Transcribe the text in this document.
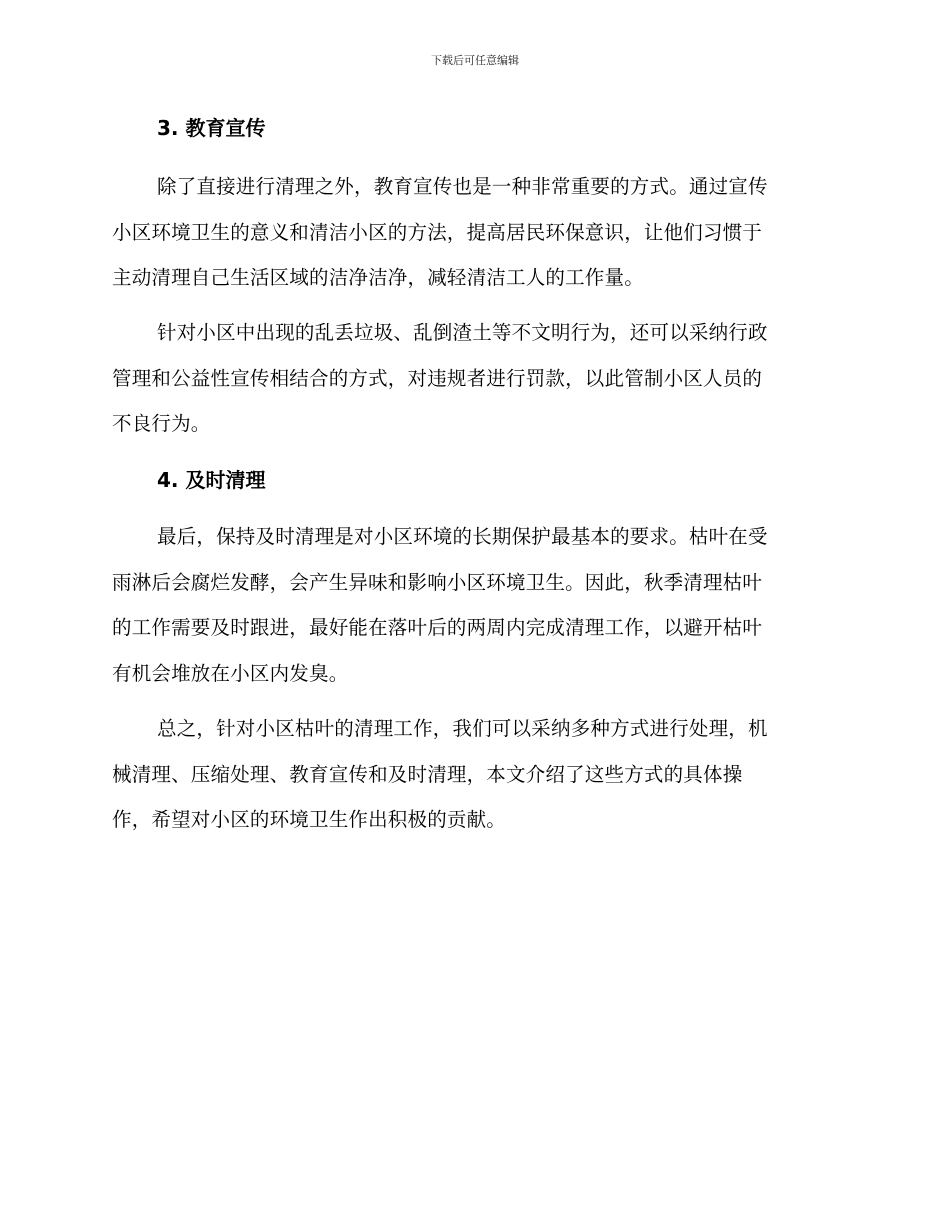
下载后可任意编辑
3. 教育宣传
除了直接进行清理之外，教育宣传也是一种非常重要的方式。通过宣传
小区环境卫生的意义和清洁小区的方法，提高居民环保意识，让他们习惯于
主动清理自己生活区域的洁净洁净，减轻清洁工人的工作量。
针对小区中出现的乱丢垃圾、乱倒渣土等不文明行为，还可以采纳行政
管理和公益性宣传相结合的方式，对违规者进行罚款，以此管制小区人员的
不良行为。
4. 及时清理
最后，保持及时清理是对小区环境的长期保护最基本的要求。枯叶在受
雨淋后会腐烂发酵，会产生异味和影响小区环境卫生。因此，秋季清理枯叶
的工作需要及时跟进，最好能在落叶后的两周内完成清理工作，以避开枯叶
有机会堆放在小区内发臭。
总之，针对小区枯叶的清理工作，我们可以采纳多种方式进行处理，机
械清理、压缩处理、教育宣传和及时清理，本文介绍了这些方式的具体操
作，希望对小区的环境卫生作出积极的贡献。
